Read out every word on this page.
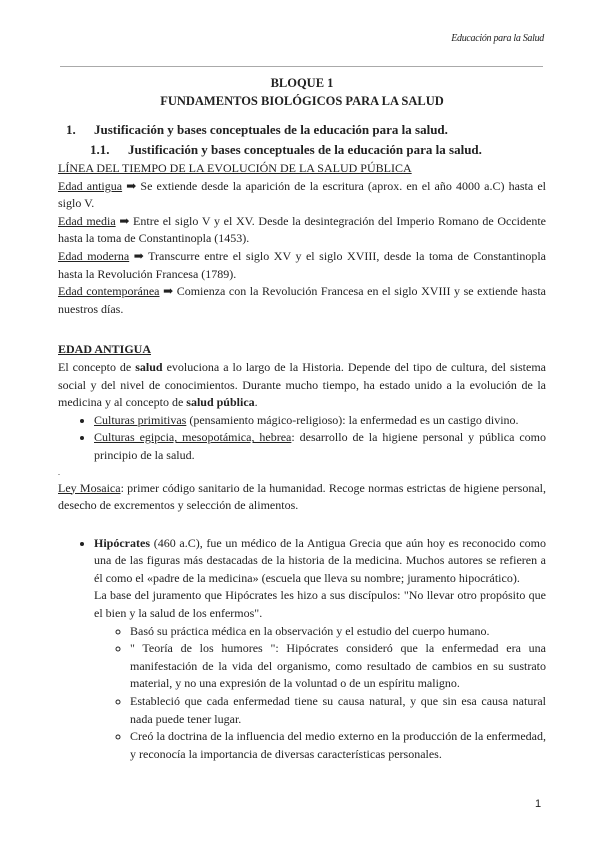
Educación para la Salud
BLOQUE 1
FUNDAMENTOS BIOLÓGICOS PARA LA SALUD
1. Justificación y bases conceptuales de la educación para la salud.
1.1. Justificación y bases conceptuales de la educación para la salud.

LÍNEA DEL TIEMPO DE LA EVOLUCIÓN DE LA SALUD PÚBLICA

Edad antigua ➡ Se extiende desde la aparición de la escritura (aprox. en el año 4000 a.C) hasta el siglo V.

Edad media ➡ Entre el siglo V y el XV. Desde la desintegración del Imperio Romano de Occidente hasta la toma de Constantinopla (1453).

Edad moderna ➡ Transcurre entre el siglo XV y el siglo XVIII, desde la toma de Constantinopla hasta la Revolución Francesa (1789).

Edad contemporánea ➡ Comienza con la Revolución Francesa en el siglo XVIII y se extiende hasta nuestros días.

EDAD ANTIGUA

El concepto de salud evoluciona a lo largo de la Historia. Depende del tipo de cultura, del sistema social y del nivel de conocimientos. Durante mucho tiempo, ha estado unido a la evolución de la medicina y al concepto de salud pública.

• Culturas primitivas (pensamiento mágico-religioso): la enfermedad es un castigo divino.
• Culturas egipcia, mesopotámica, hebrea: desarrollo de la higiene personal y pública como principio de la salud.

.

Ley Mosaica: primer código sanitario de la humanidad. Recoge normas estrictas de higiene personal, desecho de excrementos y selección de alimentos.

• Hipócrates (460 a.C), fue un médico de la Antigua Grecia que aún hoy es reconocido como una de las figuras más destacadas de la historia de la medicina. Muchos autores se refieren a él como el «padre de la medicina» (escuela que lleva su nombre; juramento hipocrático).

La base del juramento que Hipócrates les hizo a sus discípulos: "No llevar otro propósito que el bien y la salud de los enfermos".

◦ Basó su práctica médica en la observación y el estudio del cuerpo humano.
◦ " Teoría de los humores ": Hipócrates consideró que la enfermedad era una manifestación de la vida del organismo, como resultado de cambios en su sustrato material, y no una expresión de la voluntad o de un espíritu maligno.
◦ Estableció que cada enfermedad tiene su causa natural, y que sin esa causa natural nada puede tener lugar.
◦ Creó la doctrina de la influencia del medio externo en la producción de la enfermedad, y reconocía la importancia de diversas características personales.
1
